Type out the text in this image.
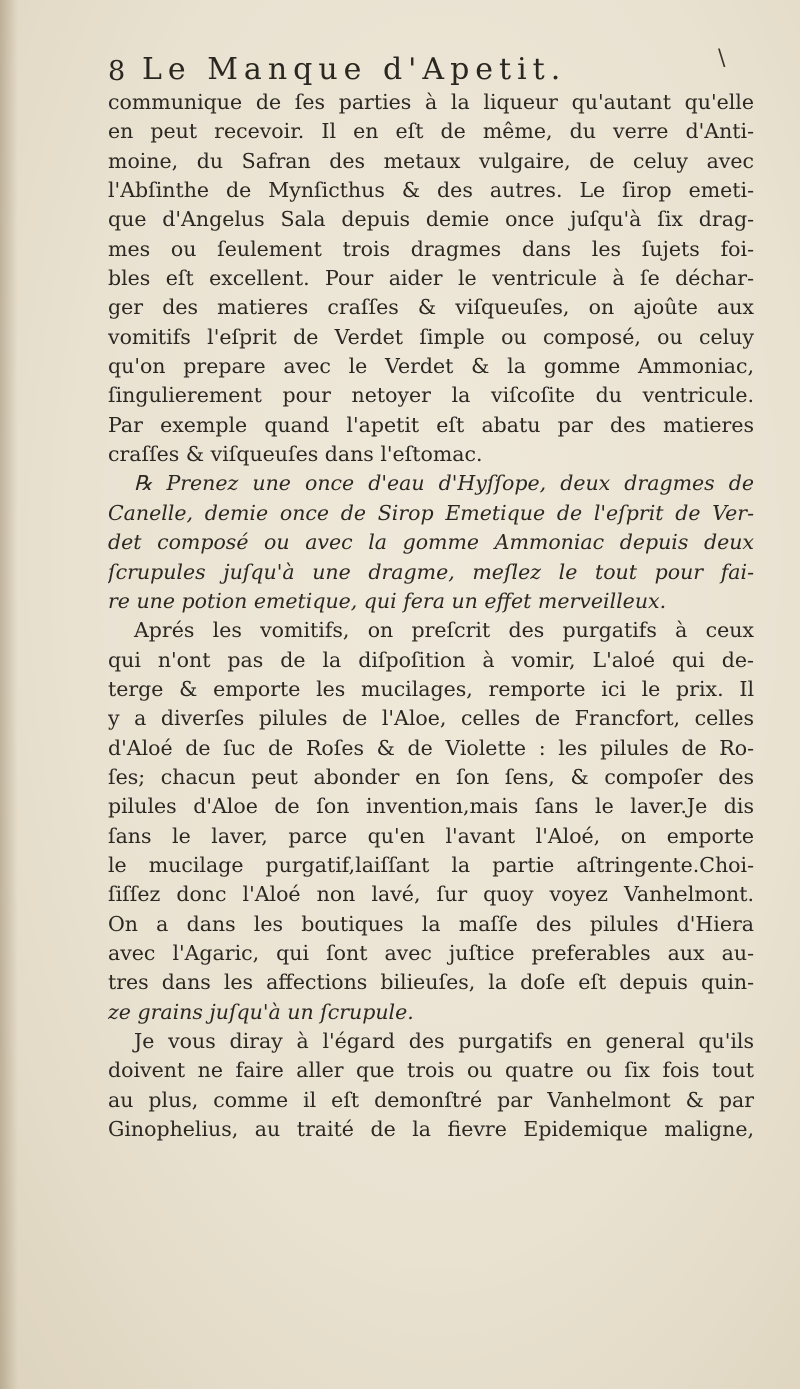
8 Le Manque d'Apetit.	\
communique de ſes parties à la liqueur qu'autant qu'elle
en peut recevoir. Il en eſt de même, du verre d'Anti-
moine, du Safran des metaux vulgaire, de celuy avec
l'Abſinthe de Mynſicthus & des autres. Le ſirop emeti-
que d'Angelus Sala depuis demie once juſqu'à ſix drag-
mes ou ſeulement trois dragmes dans les ſujets foi-
bles eſt excellent. Pour aider le ventricule à ſe déchar-
ger des matieres craſſes & viſqueuſes, on ajoûte aux
vomitifs l'eſprit de Verdet ſimple ou composé, ou celuy
qu'on prepare avec le Verdet & la gomme Ammoniac,
ſingulierement pour netoyer la viſcoſite du ventricule.
Par exemple quand l'apetit eſt abatu par des matieres
craſſes & viſqueuſes dans l'eſtomac.
℞ Prenez une once d'eau d'Hyſſope, deux dragmes de
Canelle, demie once de Sirop Emetique de l'eſprit de Ver-
det composé ou avec la gomme Ammoniac depuis deux
ſcrupules juſqu'à une dragme, meſlez le tout pour fai-
re une potion emetique, qui fera un effet merveilleux.
Aprés les vomitifs, on preſcrit des purgatifs à ceux
qui n'ont pas de la diſpoſition à vomir, L'aloé qui de-
terge & emporte les mucilages, remporte ici le prix. Il
y a diverſes pilules de l'Aloe, celles de Francfort, celles
d'Aloé de ſuc de Roſes & de Violette : les pilules de Ro-
ſes; chacun peut abonder en ſon ſens, & compoſer des
pilules d'Aloe de ſon invention,mais ſans le laver.Je dis
ſans le laver, parce qu'en l'avant l'Aloé, on emporte
le mucilage purgatif,laiſſant la partie aſtringente.Choi-
ſiſſez donc l'Aloé non lavé, ſur quoy voyez Vanhelmont.
On a dans les boutiques la maſſe des pilules d'Hiera
avec l'Agaric, qui ſont avec juſtice preferables aux au-
tres dans les affections bilieuſes, la doſe eſt depuis quin-
ze grains juſqu'à un ſcrupule.
Je vous diray à l'égard des purgatifs en general qu'ils
doivent ne faire aller que trois ou quatre ou ſix fois tout
au plus, comme il eſt demonſtré par Vanhelmont & par
Ginophelius, au traité de la fievre Epidemique maligne,
